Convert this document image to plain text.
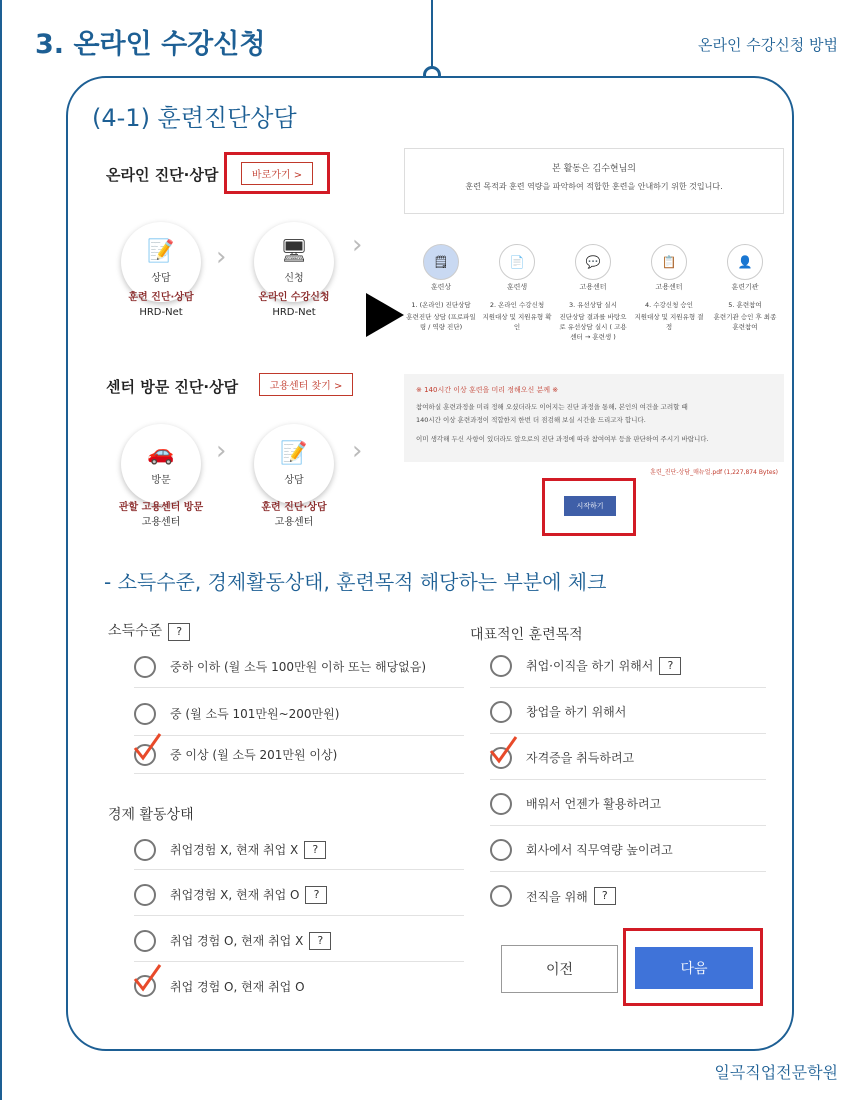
3. 온라인 수강신청	온라인 수강신청 방법
(4-1) 훈련진단상담
온라인 진단·상담	바로가기 >
📝
상담
› 🖥
신청
›
훈련 진단·상담
HRD-Net
온라인 수강신청
HRD-Net
센터 방문 진단·상담	고용센터 찾기 >
🚗
방문
› 📝
상담
›
관할 고용센터 방문
고용센터
훈련 진단·상담
고용센터
본 활동은 김수현님의
훈련 목적과 훈련 역량을 파악하여 적합한 훈련을 안내하기 위한 것입니다.
🗒
훈련상
1. (온라인) 진단상담
훈련진단 상담 (프로파일링 / 역량 진단)
📄
훈련생
2. 온라인 수강신청
지원대상 및 지원유형 확인
💬
고용센터
3. 유선상담 실시
진단상담 결과를 바탕으로 유선상담 실시 ( 고용센터 → 훈련생 )
📋
고용센터
4. 수강신청 승인
지원대상 및 지원유형 결정
👤
훈련기관
5. 훈련참여
훈련기관 승인 후 최종 훈련참여
※ 140시간 이상 훈련을 미리 정해오신 분께 ※
참여하실 훈련과정을 미리 정해 오셨더라도 이어지는 진단 과정을 통해, 본인의 여건을 고려할 때
140시간 이상 훈련과정이 적합한지 한번 더 점검해 보실 시간을 드리고자 합니다.
이미 생각해 두신 사항이 있더라도 앞으로의 진단 과정에 따라 참여여부 등을 판단하여 주시기 바랍니다.
훈련_진단-상담_매뉴얼.pdf (1,227,874 Bytes)
시작하기
- 소득수준, 경제활동상태, 훈련목적 해당하는 부분에 체크
소득수준 ?
중하 이하 (월 소득 100만원 이하 또는 해당없음)
중 (월 소득 101만원~200만원)
중 이상 (월 소득 201만원 이상)
경제 활동상태
취업경험 X, 현재 취업 X	?
취업경험 X, 현재 취업 O	?
취업 경험 O, 현재 취업 X	?
취업 경험 O, 현재 취업 O
대표적인 훈련목적
취업·이직을 하기 위해서	?
창업을 하기 위해서
자격증을 취득하려고
배워서 언젠가 활용하려고
회사에서 직무역량 높이려고
전직을 위해	?
이전	다음
일곡직업전문학원
